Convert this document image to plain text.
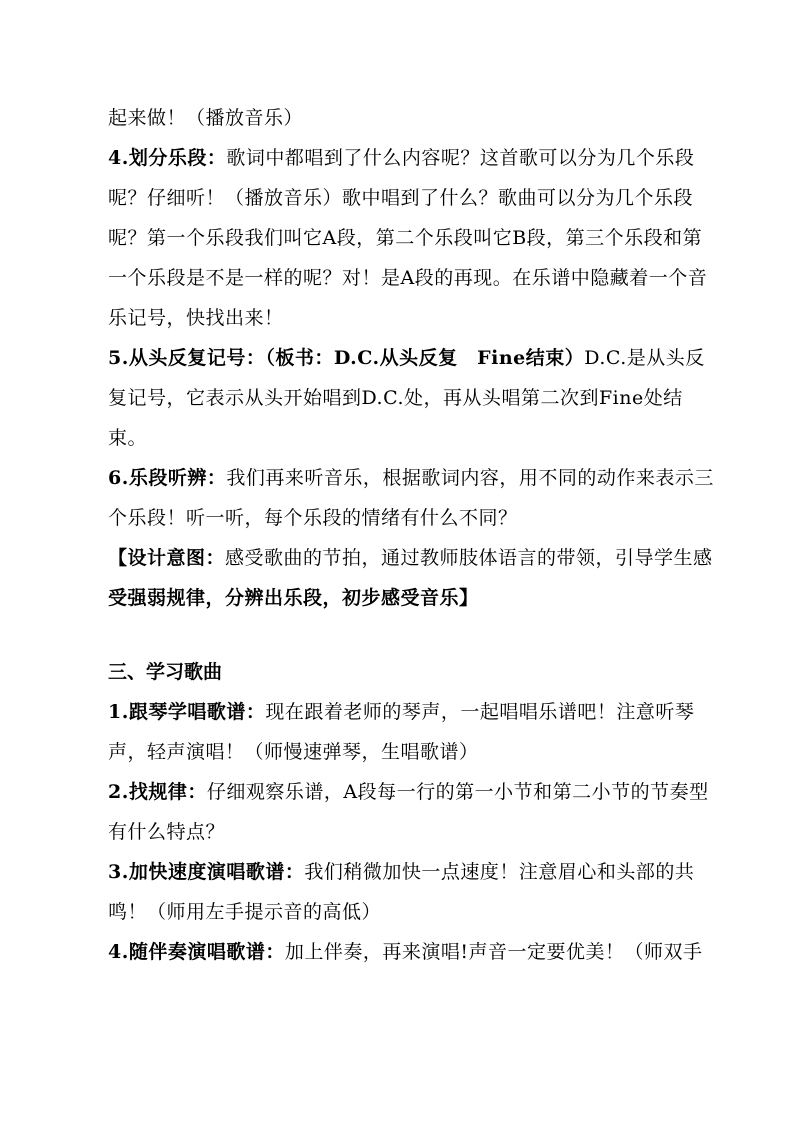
起来做！（播放音乐）
4.划分乐段：歌词中都唱到了什么内容呢？这首歌可以分为几个乐段
呢？仔细听！（播放音乐）歌中唱到了什么？歌曲可以分为几个乐段
呢？第一个乐段我们叫它A段，第二个乐段叫它B段，第三个乐段和第
一个乐段是不是一样的呢？对！是A段的再现。在乐谱中隐藏着一个音
乐记号，快找出来！
5.从头反复记号：（板书：D.C.从头反复　Fine结束）D.C.是从头反
复记号，它表示从头开始唱到D.C.处，再从头唱第二次到Fine处结
束。
6.乐段听辨：我们再来听音乐，根据歌词内容，用不同的动作来表示三
个乐段！听一听，每个乐段的情绪有什么不同？
【设计意图：感受歌曲的节拍，通过教师肢体语言的带领，引导学生感
受强弱规律，分辨出乐段，初步感受音乐】
三、学习歌曲
1.跟琴学唱歌谱：现在跟着老师的琴声，一起唱唱乐谱吧！注意听琴
声，轻声演唱！（师慢速弹琴，生唱歌谱）
2.找规律：仔细观察乐谱，A段每一行的第一小节和第二小节的节奏型
有什么特点？
3.加快速度演唱歌谱：我们稍微加快一点速度！注意眉心和头部的共
鸣！（师用左手提示音的高低）
4.随伴奏演唱歌谱：加上伴奏，再来演唱!声音一定要优美！（师双手
